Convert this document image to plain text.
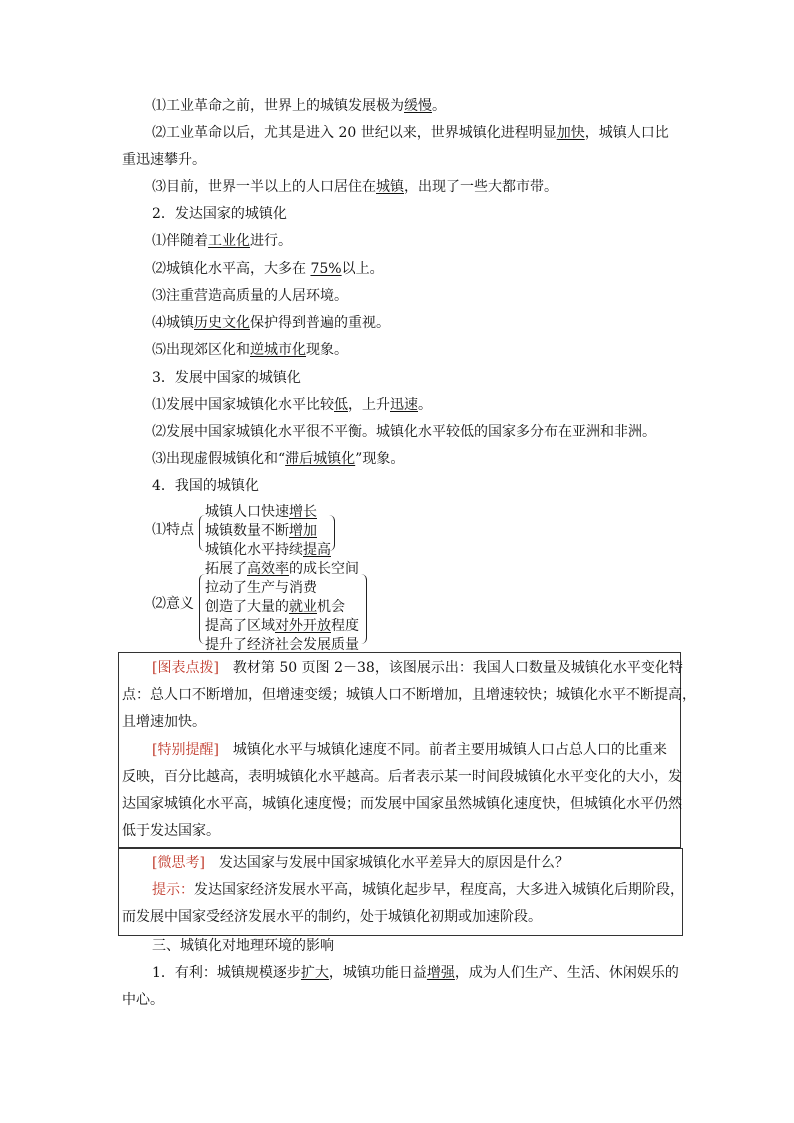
⑴工业革命之前，世界上的城镇发展极为缓慢。
⑵工业革命以后，尤其是进入 20 世纪以来，世界城镇化进程明显加快，城镇人口比
重迅速攀升。
⑶目前，世界一半以上的人口居住在城镇，出现了一些大都市带。
2．发达国家的城镇化
⑴伴随着工业化进行。
⑵城镇化水平高，大多在 75%以上。
⑶注重营造高质量的人居环境。
⑷城镇历史文化保护得到普遍的重视。
⑸出现郊区化和逆城市化现象。
3．发展中国家的城镇化
⑴发展中国家城镇化水平比较低，上升迅速。
⑵发展中国家城镇化水平很不平衡。城镇化水平较低的国家多分布在亚洲和非洲。
⑶出现虚假城镇化和“滞后城镇化”现象。
4．我国的城镇化
⑴特点
城镇人口快速增长
城镇数量不断增加
城镇化水平持续提高
⑵意义
拓展了高效率的成长空间
拉动了生产与消费
创造了大量的就业机会
提高了区域对外开放程度
提升了经济社会发展质量
[图表点拨]　教材第 50 页图 2－38，该图展示出：我国人口数量及城镇化水平变化特
点：总人口不断增加，但增速变缓；城镇人口不断增加，且增速较快；城镇化水平不断提高，
且增速加快。
[特别提醒]　城镇化水平与城镇化速度不同。前者主要用城镇人口占总人口的比重来
反映，百分比越高，表明城镇化水平越高。后者表示某一时间段城镇化水平变化的大小，发
达国家城镇化水平高，城镇化速度慢；而发展中国家虽然城镇化速度快，但城镇化水平仍然
低于发达国家。
[微思考]　发达国家与发展中国家城镇化水平差异大的原因是什么？
提示：发达国家经济发展水平高，城镇化起步早，程度高，大多进入城镇化后期阶段，
而发展中国家受经济发展水平的制约，处于城镇化初期或加速阶段。
三、城镇化对地理环境的影响
1．有利：城镇规模逐步扩大，城镇功能日益增强，成为人们生产、生活、休闲娱乐的
中心。
